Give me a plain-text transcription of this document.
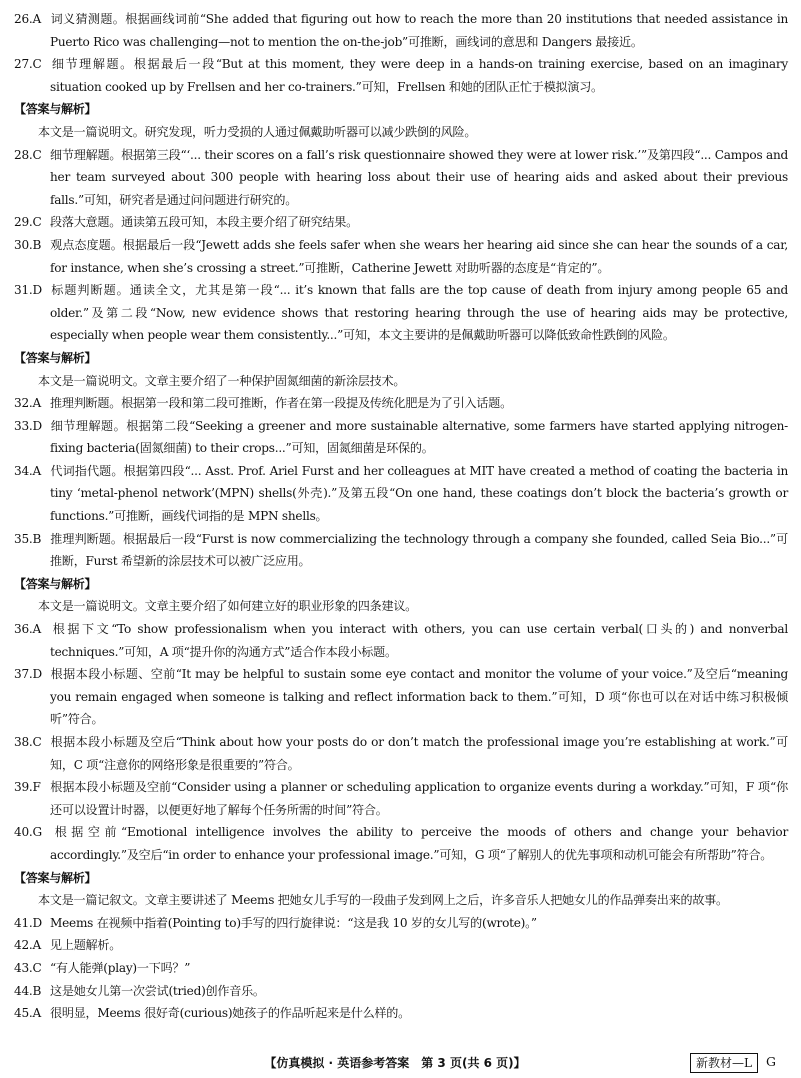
26.A 词义猜测题。根据画线词前“She added that figuring out how to reach the more than 20 institutions that needed assistance in Puerto Rico was challenging—not to mention the on-the-job”可推断，画线词的意思和 Dangers 最接近。

27.C 细节理解题。根据最后一段“But at this moment, they were deep in a hands-on training exercise, based on an imaginary situation cooked up by Frellsen and her co-trainers.”可知，Frellsen 和她的团队正忙于模拟演习。

【答案与解析】

本文是一篇说明文。研究发现，听力受损的人通过佩戴助听器可以减少跌倒的风险。

28.C 细节理解题。根据第三段“‘... their scores on a fall’s risk questionnaire showed they were at lower risk.’”及第四段“... Campos and her team surveyed about 300 people with hearing loss about their use of hearing aids and asked about their previous falls.”可知，研究者是通过问问题进行研究的。

29.C 段落大意题。通读第五段可知，本段主要介绍了研究结果。

30.B 观点态度题。根据最后一段“Jewett adds she feels safer when she wears her hearing aid since she can hear the sounds of a car, for instance, when she’s crossing a street.”可推断，Catherine Jewett 对助听器的态度是“肯定的”。

31.D 标题判断题。通读全文，尤其是第一段“... it’s known that falls are the top cause of death from injury among people 65 and older.”及第二段“Now, new evidence shows that restoring hearing through the use of hearing aids may be protective, especially when people wear them consistently...”可知，本文主要讲的是佩戴助听器可以降低致命性跌倒的风险。

【答案与解析】

本文是一篇说明文。文章主要介绍了一种保护固氮细菌的新涂层技术。

32.A 推理判断题。根据第一段和第二段可推断，作者在第一段提及传统化肥是为了引入话题。

33.D 细节理解题。根据第二段“Seeking a greener and more sustainable alternative, some farmers have started applying nitrogen-fixing bacteria(固氮细菌) to their crops...”可知，固氮细菌是环保的。

34.A 代词指代题。根据第四段“... Asst. Prof. Ariel Furst and her colleagues at MIT have created a method of coating the bacteria in tiny ‘metal-phenol network’(MPN) shells(外壳).”及第五段“On one hand, these coatings don’t block the bacteria’s growth or functions.”可推断，画线代词指的是 MPN shells。

35.B 推理判断题。根据最后一段“Furst is now commercializing the technology through a company she founded, called Seia Bio...”可推断，Furst 希望新的涂层技术可以被广泛应用。

【答案与解析】

本文是一篇说明文。文章主要介绍了如何建立好的职业形象的四条建议。

36.A 根据下文“To show professionalism when you interact with others, you can use certain verbal(口头的) and nonverbal techniques.”可知，A 项“提升你的沟通方式”适合作本段小标题。

37.D 根据本段小标题、空前“It may be helpful to sustain some eye contact and monitor the volume of your voice.”及空后“meaning you remain engaged when someone is talking and reflect information back to them.”可知，D 项“你也可以在对话中练习积极倾听”符合。

38.C 根据本段小标题及空后“Think about how your posts do or don’t match the professional image you’re establishing at work.”可知，C 项“注意你的网络形象是很重要的”符合。

39.F 根据本段小标题及空前“Consider using a planner or scheduling application to organize events during a workday.”可知，F 项“你还可以设置计时器，以便更好地了解每个任务所需的时间”符合。

40.G 根据空前“Emotional intelligence involves the ability to perceive the moods of others and change your behavior accordingly.”及空后“in order to enhance your professional image.”可知，G 项“了解别人的优先事项和动机可能会有所帮助”符合。

【答案与解析】

本文是一篇记叙文。文章主要讲述了 Meems 把她女儿手写的一段曲子发到网上之后，许多音乐人把她女儿的作品弹奏出来的故事。

41.D Meems 在视频中指着(Pointing to)手写的四行旋律说：“这是我 10 岁的女儿写的(wrote)。”

42.A 见上题解析。

43.C “有人能弹(play)一下吗？”

44.B 这是她女儿第一次尝试(tried)创作音乐。

45.A 很明显，Meems 很好奇(curious)她孩子的作品听起来是什么样的。

【仿真模拟 · 英语参考答案　第 3 页(共 6 页)】	新教材—L	G
